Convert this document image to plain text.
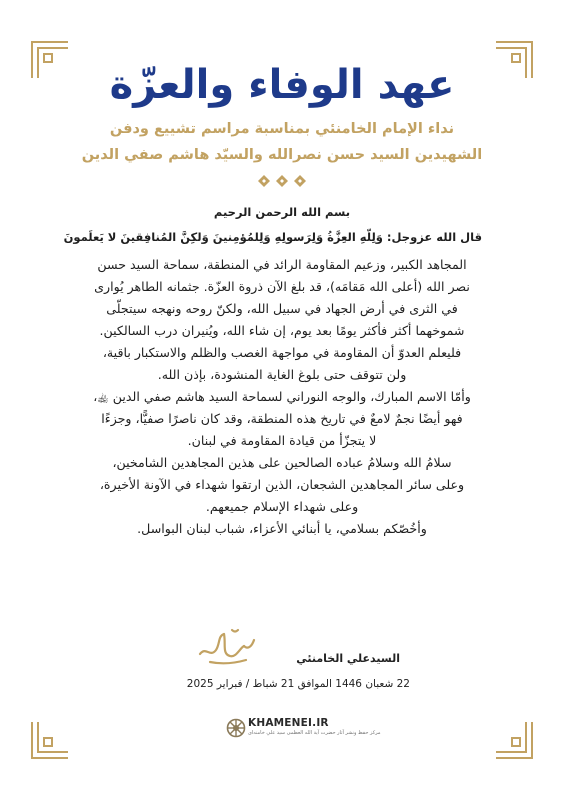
عهد الوفاء والعزّة
نداء الإمام الخامنئي بمناسبة مراسم تشييع ودفن
الشهيدين السيد حسن نصرالله والسيّد هاشم صفي الدين
بسم الله الرحمن الرحيم
قال الله عزوجل: وَلِلّهِ العِزَّةُ وَلِرَسولِهِ وَلِلمُؤمِنينَ وَلكِنَّ المُنافِقينَ لا يَعلَمونَ
المجاهد الكبير، وزعيم المقاومة الرائد في المنطقة، سماحة السيد حسن
نصر الله (أعلى الله مَقامَه)، قد بلغ الآن ذروة العزّة. جثمانه الطاهر يُوارى
في الثرى في أرض الجهاد في سبيل الله، ولكنّ روحه ونهجه سيتجلّى
شموخهما أكثر فأكثر يومًا بعد يوم، إن شاء الله، ويُنيران درب السالكين.
فليعلم العدوّ أن المقاومة في مواجهة الغصب والظلم والاستكبار باقية،
ولن تتوقف حتى بلوغ الغاية المنشودة، بإذن الله.
وأمّا الاسم المبارك، والوجه النوراني لسماحة السيد هاشم صفي الدين ﵀،
فهو أيضًا نجمٌ لامعٌ في تاريخ هذه المنطقة، وقد كان ناصرًا صفيًّا، وجزءًا
لا يتجزّأ من قيادة المقاومة في لبنان.
سلامُ الله وسلامُ عباده الصالحين على هذين المجاهدين الشامخين،
وعلى سائر المجاهدين الشجعان، الذين ارتقوا شهداء في الآونة الأخيرة،
وعلى شهداء الإسلام جميعهم.
وأخُصّكم بسلامي، يا أبنائي الأعزاء، شباب لبنان البواسل.
السيدعلي الخامنئي
22 شعبان 1446 الموافق 21 شباط / فبراير 2025
KHAMENEI.IR
مركز حفظ ونشر آثار حضرت آية الله العظمى سيد علي خامنه‌اى
